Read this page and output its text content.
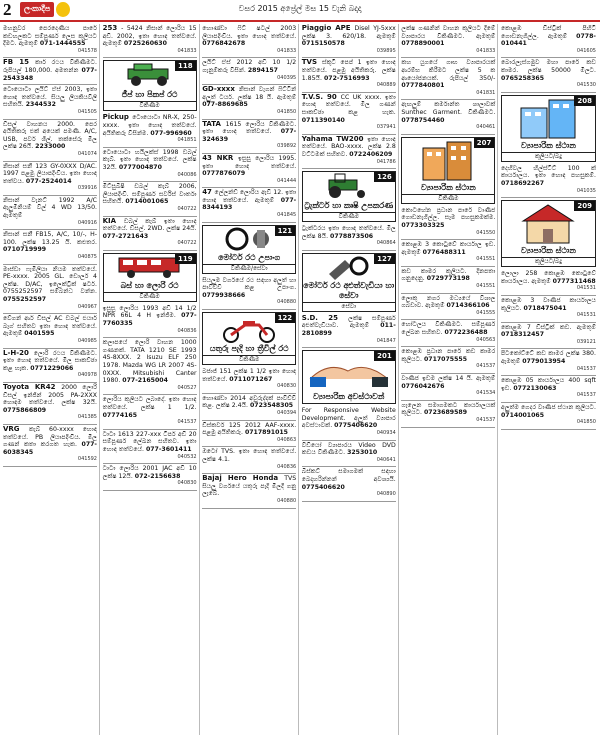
2	ලංකාදීප	වසර 2015 අප්‍රේල් මස 15 වැනි බදාදා
මහනුවර පෙරදෙණිය පාරේ කඩහලකට සම්පූර්ණ ලෙස කුලියට දීමට. ඇමතුම් 071-1444555
041578
FB 15 කාර් රථය විකිණීමට. රුපියල් 180,000. අමතන්න 077-2543348
ටොයොටා ලයිට් ඒස් 2003, ඉතා හොඳ තත්වයේ. සියලු ලියකියවිලි සහිතයි. 2344532
041505
ඩීසල් වාහනය 2000. පෙර අයිතිකරු එක් අයෙක් පමණි. A/C, USB, පවර් ශීල්. තක්සේරු මිල ලක්ෂ 26යි. 2233000
041074
නිසාන් සනී 123 GY-0XXX D/AC. 1997 පළමු ලියාපදිංචිය. ඉතා හොඳ තත්වය. 077-2524014
039916
නිසාන් වැනට් 1992 A/C ඇලුමිනියම් වීල් 4 WD 13/50. ඇමතුම්
040916
නිසාන් සනී FB15, A/C, 10/-, H-100. ලක්ෂ 13.25 යි. කළුතර. 0710719999
040875
මාස්ඩා ෆැමිලියා නියම තත්වයේ. PE-xxxx. 2005 GL. ඩොලර් 4 ලක්ෂ. D/AC, ඉලෙක්ට්‍රික් ෂටර්. 0755252597 සම්බන්ධ වන්න. 0755252597
040967
වේගන් ආර් ඩීසල් AC ඩබල් එයාර් බෑග් සහිතව ඉතා හොඳ තත්වයේ. ඇමතුම් 0401595
040985
L-H-20 ලොරි රථය විකිණීමට. ඉතා හොඳ තත්වයේ. මිල සාකච්ඡා කළ හැක. 0771229066
040978
Toyota KR42 2000 ලොරි ඩීසල් ඉන්ජින් 2005 PA-2XXX හොඳම තත්වයේ. ලක්ෂ 32යි. 0775866809
041385
VRG කැබ් 60-xxxx හොඳ තත්වයේ. PB ලියාපදිංචිය. මිල ගණන් කතා කරගත හැක. 077-6038345
041592
253 - 5424 නිසාන් ලොරිය 15 අඩි. 2002, ඉතා හොඳ තත්වයේ. ඇමතුම් 0725260630
041833
118
ජීප් හා පිකප් රථ
විකිණීම
Pickup ටොයොටා NR-X, 250-xxxx. ඉතා හොඳ තත්වයේ. අයිතිකරු විසින්ම. 077-996960
041851
ටොයොටා හයිලක්ස් 1998 ඩබල් කැබ්. ඉතා හොඳ තත්වයේ. ලක්ෂ 32යි. 0777004870
040086
මිට්සුබිෂි ඩබල් කැබ් 2006, ලියාපදිංචි. සම්පූර්ණ සර්විස් වාර්තා සහිතයි. 0714001065
040722
KIA ඩබල් කැබ් ඉතා හොඳ තත්වයේ. ඩීසල්. 2WD. ලක්ෂ 24යි. 077-2721643
040722
119
බස් හා ලොරි රථ
විකිණීම
ඉසුසු ලොරිය 1993 අඩි 14 1/2 NPR 66L 4 H ඉන්ජිම. 077-7760335
040836
කලාපයේ ලොරි වාහන 1000 ගණනක්. TATA 1210 SE 1993 4S-8XXX. 2 Isuzu ELF 250 1978. Mazda WG LR 2007 4S-0XXX. Mitsubishi Canter 1980. 077-2165004
040527
ලොරිය කුලියට ලබාදේ. ඉතා හොඳ තත්වයේ. ලක්ෂ 1 1/2. 07774165
041537
ටාටා 1613 227-xxx ටිපර් අඩි 20 සම්පූර්ණ ලේඛන සහිතව. ඉතා හොඳ තත්වයේ. 077-3601411
040532
ටාටා ලොරිය 2001 JAC අඩි 10 ලක්ෂ 12යි. 072-2156638
040830
හොණ්ඩා ෆිට් ෂටල් 2003 ලියාපදිංචිය. ඉතා හොඳ තත්වයේ. 0776842678
041833
ලයිට් ඒස් 2012 අඩි 10 1/2 ගැනුම්කරු විසින්. 2894157
040395
GD-xxxx නිසාන් වැගන් ෆිට්ටින් අලුත් ටයර්. ලක්ෂ 18 යි. ඇමතුම් 077-8869685
041850
TATA 1615 ලොරිය විකිණීමට. ඉතා හොඳ තත්වයේ. 077-324639
039892
43 NKR ඉසුසු ලොරිය 1995. ඉතා හොඳ තත්වයේ. 0777876079
041444
47 ලේලන්ඩ් ලොරිය ඇඩි 12. ඉතා හොඳ තත්වයේ. ඇමතුම් 077-8344193
041845
121
මෝටර් රථ උපාංග
විකිණීම/සේවා
සියලුම වර්ගයේ රථ සඳහා අලුත් හා පාවිච්චි කළ උපාංග. 0779938666
040880
122
යතුරු පැදි හා ත්‍රීවීල් රථ
විකිණීම
බජාජ් 151 ලක්ෂ 1 1/2 ඉතා හොඳ තත්වයේ. 0711071267
040830
හොණ්ඩා 2014 අවුරුද්දක් පාවිච්චි කළ. ලක්ෂ 2.4යි. 0723548305
040394
ඩිස්කවර් 125 2012 AAF-xxxx. පළමු අයිතිකරු. 0717891015
040863
ඔටෝ TVS. ඉතා හොඳ තත්වයේ. ලක්ෂ 4.1.
040836
Bajaj Hero Honda TVS සියලු වර්ගයේ යතුරු පැදි මිලදී ගනු ලැබේ.
040880
Piaggio APE Disel YJ-5xxx ලක්ෂ 3. 620/18. ඇමතුම් 0715150578
039895
TVS ස්කූටි පෙප් 1 ඉතා හොඳ තත්වයේ. පළමු අයිතිකරු. ලක්ෂ 1.85යි. 072-7516993
040889
T.V.S. 90 CC UK xxxx. ඉතා හොඳ තත්වයේ. මිල ගණන් සාකච්ඡා කළ හැක. 0711390140
037941
Yahama TW200 ඉතා හොඳ තත්වයේ. BAO-xxxx. ලක්ෂ 2.8 වට්ටමක් සහිතව. 0722406209
041786
126
ට්‍රැක්ටර් හා කෘෂි උපකරණ
විකිණීම
ට්‍රැක්ටරය ඉතා හොඳ තත්වයේ. මිල ලක්ෂ 8යි. 0778873506
040864
127
මෝටර් රථ අළුත්වැඩියා හා සේවා
සේවා
S.D. 25 ලක්ෂ සම්පූර්ණ අළුත්වැඩියාව. ඇමතුම් 011-2810899
041847
201
ව්‍යාපාරික අවස්ථාවන්
For Responsive Website Development. අලුත් ව්‍යාපාර අවස්ථාවක්. 0775406620
040934
වීඩියෝ ව්‍යාපාරය Video DVD කඩය විකිණීමට. 3253010
040641
බිස්කට් සමාගමක් සඳහා බෙදාහරින්නන් අවශ්‍යයි. 0775406620
040890
ලක්ෂ ගණනින් වාහන කුලියට දීමේ ව්‍යාපාරය විකිණීමට. ඇමතුම් 0778890001
041833
කහ යුගයේ ගෘහ ව්‍යාපාරයක් ආරම්භ කිරීමට ලක්ෂ 5 ක ආයෝජනයක්. රුපියල් 350/- 0777840801
041831
ඇඟලුම් කර්මාන්ත ශාලාවක් Sunthec Garment. විකිණීමට. 0778754460
040461
207
ව්‍යාපාරික ස්ථාන
විකිණීම
කොටහේන ප්‍රධාන පාරේ වාණිජ ගොඩනැගිල්ල. සෑම පහසුකමක්ම. 0773303325
041550
කොළඹ 3 කොටුවේ කාර්යාල ඉඩ. ඇමතුම් 0776488311
041551
කඩ කාමර කුලියට. දිනපතා ගනුදෙනු. 0729773198
041551
ලොකු නගර මධ්‍යයේ විශාල ගබඩාව. ඇමතුම් 0714366106
041555
හෝටලය විකිණීමට. සම්පූර්ණ ලේඛන සහිතව. 0772236488
040563
කොළඹ ප්‍රධාන පාරේ කඩ කාමර කුලියට. 0717075555
041537
වාණිජ ඉඩම ලක්ෂ 14 යි. ඇමතුම් 0776042676
041534
ගැලෙන සමාගමකට කාර්යාලයක් කුලියට. 0723689589
041537
කොළඹ ඩිස්ට්‍රික් පිහිටි ගොඩනැගිල්ල. ඇමතුම් 0778-010441
041605
බොරලැස්ගමුව මහා පාරේ කඩ කාමර. ලක්ෂ 50000 මිලට. 0765258365
041530
208
ව්‍යාපාරික ස්ථාන
කුලියට/බදු
දෙහිවල හිල්ස්ටිට් 100 ක් කාර්යාලය. ඉතා හොඳ පහසුකම්. 0718692267
041035
209
ව්‍යාපාරික ස්ථාන
කුලියට/බදු
ලොලා 258 කොළඹ කොටුවේ කාර්යාලය. ඇමතුම් 0777311468
041531
කොළඹ 3 වාණිජ කාර්යාලය කුලියට. 0718475041
041531
කොළඹ 7 ඩිස්ට්‍රික් කඩ. ඇමතුම් 0718312457
039121
පිටකෝට්ටේ කඩ කාමර ලක්ෂ 380. ඇමතුම් 0779013954
041537
කොළඹ 05 කාර්යාලය 400 sqft ඉඩ. 0772130063
041537
අලුත්ම ගෙදර වාණිජ ස්ථාන කුලියට. 0714001065
041850
